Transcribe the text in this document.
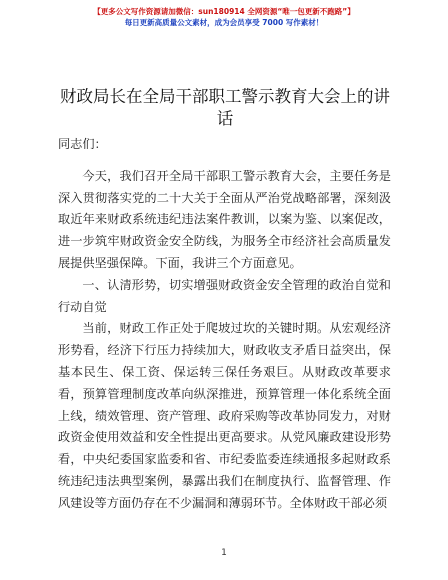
【更多公文写作资源请加微信：sun180914 全网资源“唯一包更新不跑路”】
每日更新高质量公文素材，成为会员享受 7000 写作素材！
财政局长在全局干部职工警示教育大会上的讲话

同志们：

今天，我们召开全局干部职工警示教育大会，主要任务是深入贯彻落实党的二十大关于全面从严治党战略部署，深刻汲取近年来财政系统违纪违法案件教训，以案为鉴、以案促改，进一步筑牢财政资金安全防线，为服务全市经济社会高质量发展提供坚强保障。下面，我讲三个方面意见。

一、认清形势，切实增强财政资金安全管理的政治自觉和行动自觉

当前，财政工作正处于爬坡过坎的关键时期。从宏观经济形势看，经济下行压力持续加大，财政收支矛盾日益突出，保基本民生、保工资、保运转三保任务艰巨。从财政改革要求看，预算管理制度改革向纵深推进，预算管理一体化系统全面上线，绩效管理、资产管理、政府采购等改革协同发力，对财政资金使用效益和安全性提出更高要求。从党风廉政建设形势看，中央纪委国家监委和省、市纪委监委连续通报多起财政系统违纪违法典型案例，暴露出我们在制度执行、监督管理、作风建设等方面仍存在不少漏洞和薄弱环节。全体财政干部必须

1
